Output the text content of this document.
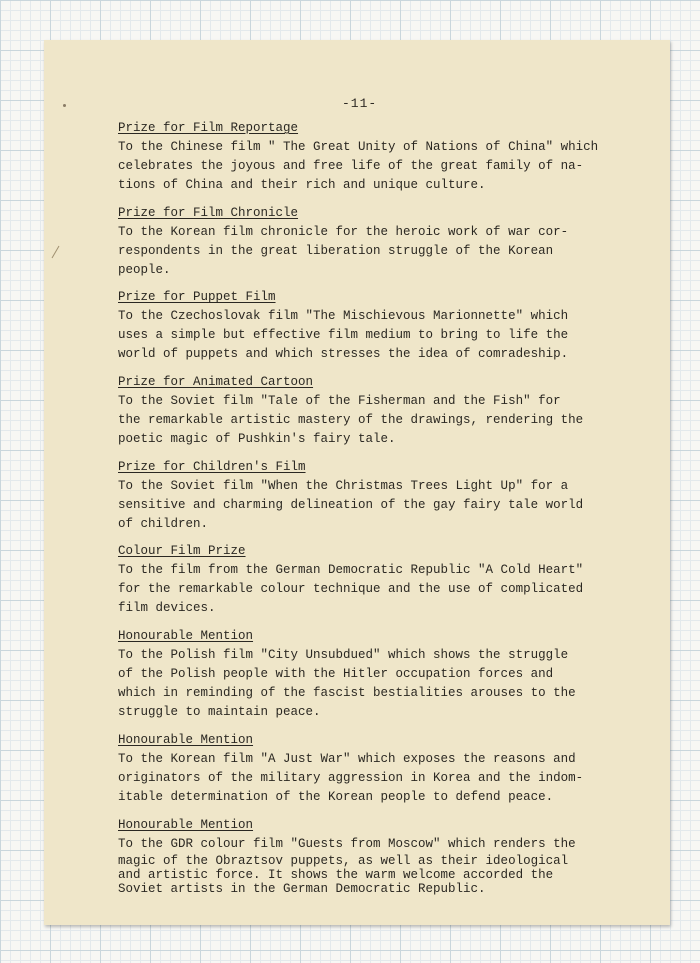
-11-
Prize for Film Reportage
To the Chinese film " The Great Unity of Nations of China" which
celebrates the joyous and free life of the great family of na-
tions of China and their rich and unique culture.
Prize for Film Chronicle
To the Korean film chronicle for the heroic work of war cor-
respondents in the great liberation struggle of the Korean
people.
Prize for Puppet Film
To the Czechoslovak film "The Mischievous Marionnette" which
uses a simple but effective film medium to bring to life the
world of puppets and which stresses the idea of comradeship.
Prize for Animated Cartoon
To the Soviet film "Tale of the Fisherman and the Fish" for
the remarkable artistic mastery of the drawings, rendering the
poetic magic of Pushkin's fairy tale.
Prize for Children's Film
To the Soviet film "When the Christmas Trees Light Up" for a
sensitive and charming delineation of the gay fairy tale world
of children.
Colour Film Prize
To the film from the German Democratic Republic "A Cold Heart"
for the remarkable colour technique and the use of complicated
film devices.
Honourable Mention
To the Polish film "City Unsubdued" which shows the struggle
of the Polish people with the Hitler occupation forces and
which in reminding of the fascist bestialities arouses to the
struggle to maintain peace.
Honourable Mention
To the Korean film "A Just War" which exposes the reasons and
originators of the military aggression in Korea and the indom-
itable determination of the Korean people to defend peace.
Honourable Mention
To the GDR colour film "Guests from Moscow" which renders the
magic of the Obraztsov puppets, as well as their ideological
and artistic force. It shows the warm welcome accorded the
Soviet artists in the German Democratic Republic.
